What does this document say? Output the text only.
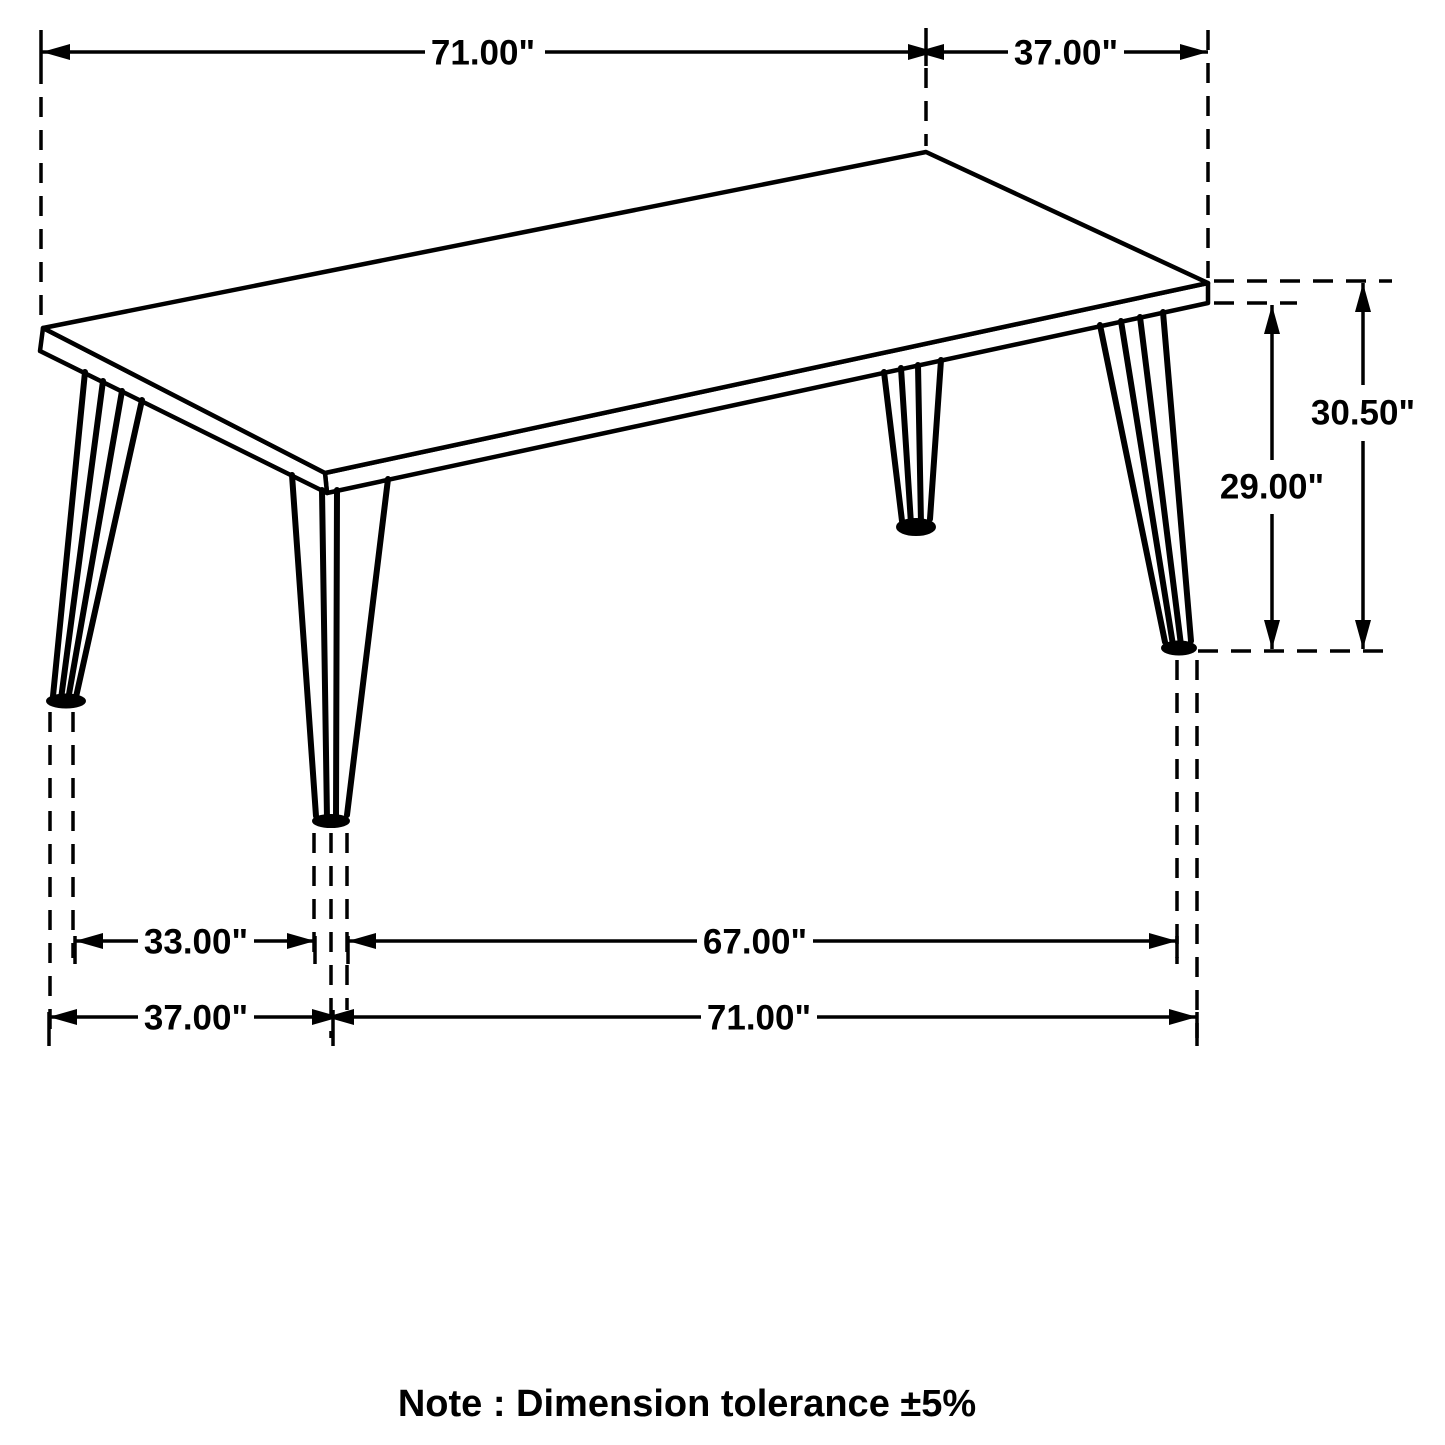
71.00"	37.00"
30.50"
29.00"
33.00"	67.00"
37.00"	71.00"
Note : Dimension tolerance ±5%
